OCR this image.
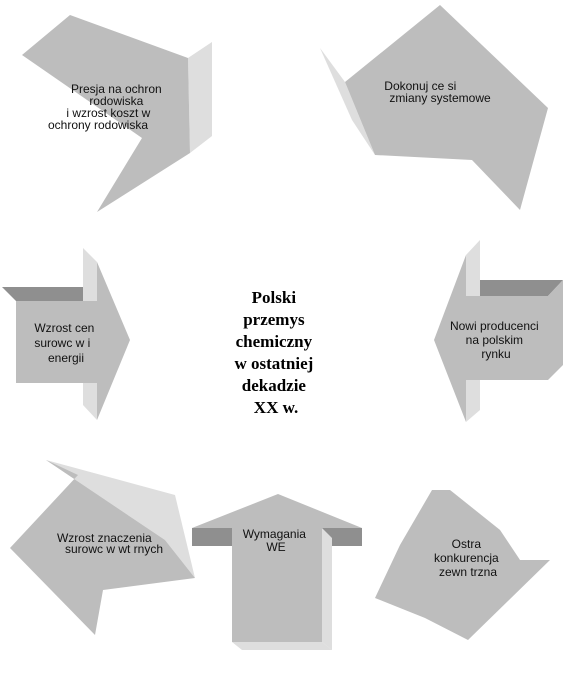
Presja na ochron rodowiska i wzrost koszt w ochrony rodowiska
Dokonuj ce si zmiany systemowe
Wzrost cen surowc w i energii
Nowi producenci na polskim rynku
Wzrost znaczenia surowc w wt rnych
Wymagania WE	Ostra konkurencja zewn trzna
Polski przemys chemiczny w ostatniej dekadzie XX w.
